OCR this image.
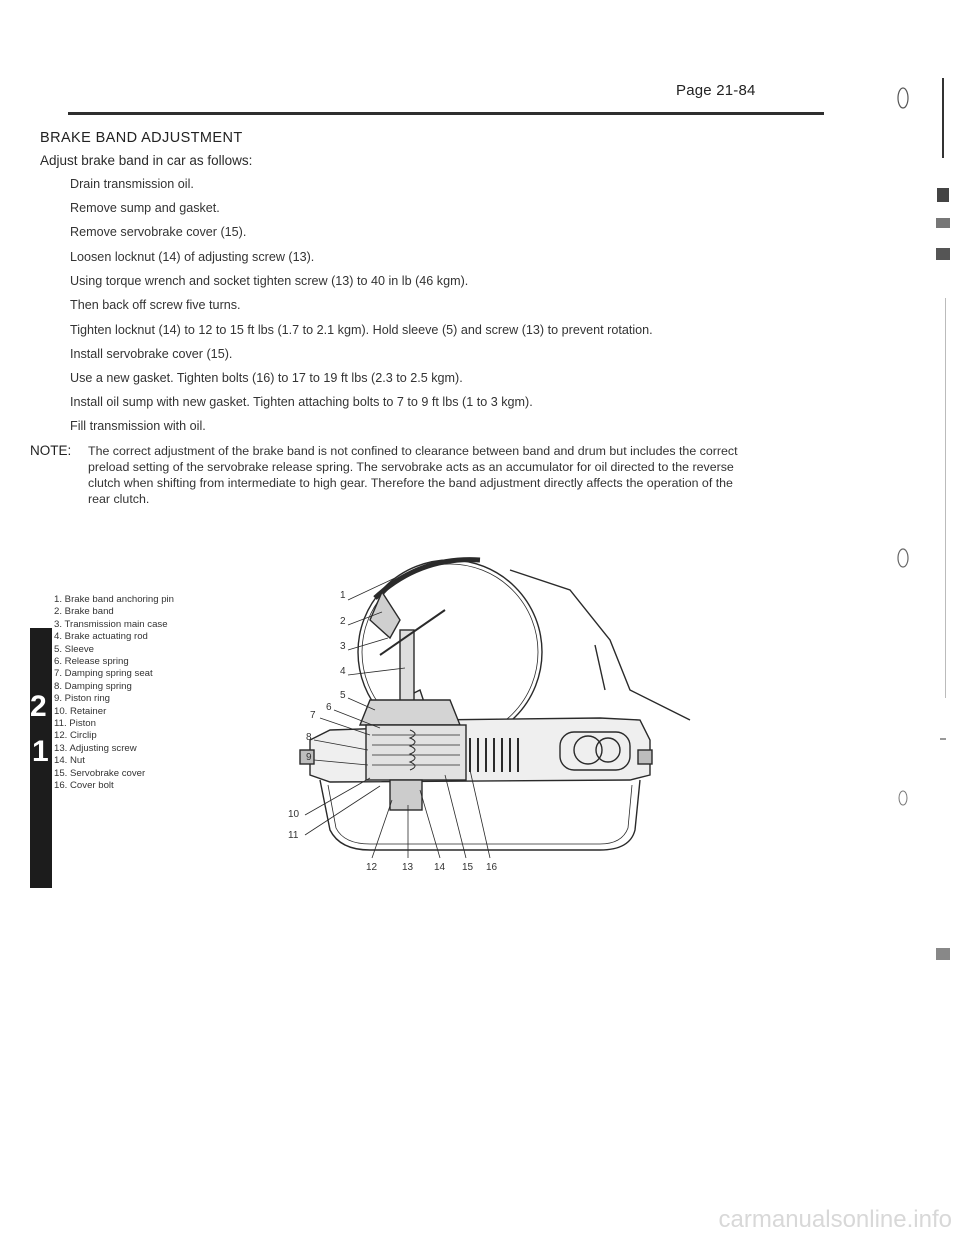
Page 21-84
BRAKE BAND ADJUSTMENT
Adjust brake band in car as follows:
Drain transmission oil.
Remove sump and gasket.
Remove servobrake cover (15).
Loosen locknut (14) of adjusting screw (13).
Using torque wrench and socket tighten screw (13) to 40 in lb (46 kgm).
Then back off screw five turns.
Tighten locknut (14) to 12 to 15 ft lbs (1.7 to 2.1 kgm). Hold sleeve (5) and screw (13) to prevent rotation.
Install servobrake cover (15).
Use a new gasket. Tighten bolts (16) to 17 to 19 ft lbs (2.3 to 2.5 kgm).
Install oil sump with new gasket. Tighten attaching bolts to 7 to 9 ft lbs (1 to 3 kgm).
Fill transmission with oil.
NOTE: The correct adjustment of the brake band is not confined to clearance between band and drum but includes the correct
preload setting of the servobrake release spring. The servobrake acts as an accumulator for oil directed to the reverse
clutch when shifting from intermediate to high gear. Therefore the band adjustment directly affects the operation of the
rear clutch.
2
1
1. Brake band anchoring pin
2. Brake band
3. Transmission main case
4. Brake actuating rod
5. Sleeve
6. Release spring
7. Damping spring seat
8. Damping spring
9. Piston ring
10. Retainer
11. Piston
12. Circlip
13. Adjusting screw
14. Nut
15. Servobrake cover
16. Cover bolt
1
2
3
4
5
7
6
8
9
10
11
12 13 14 15 16
carmanualsonline.info
